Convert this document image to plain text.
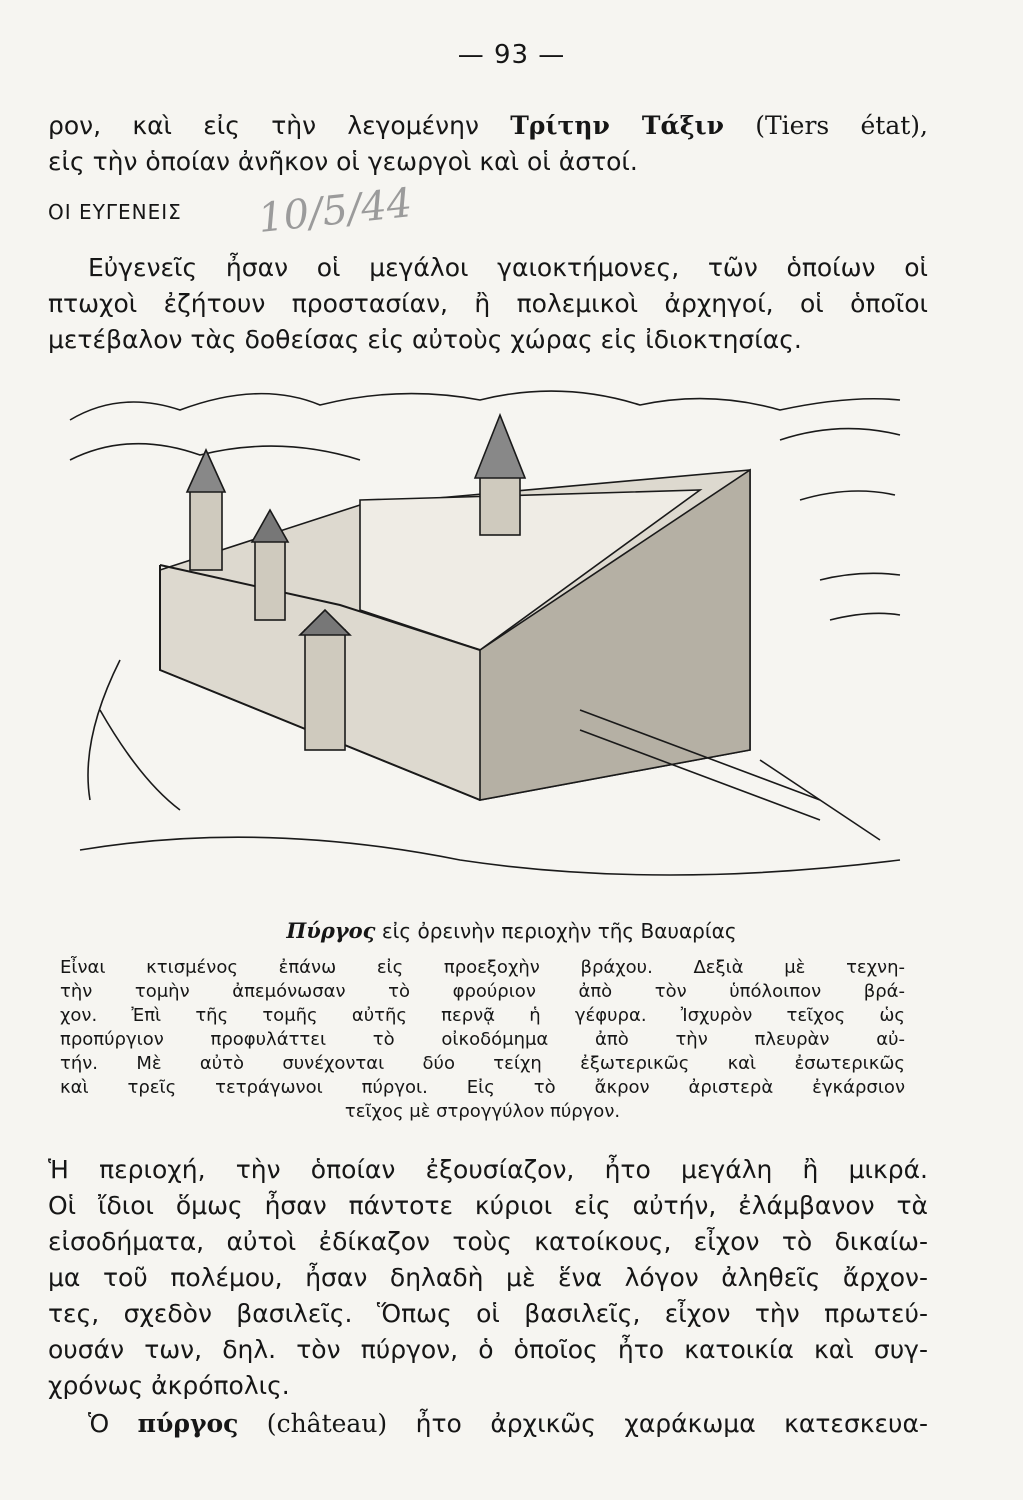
— 93 —

ρον, καὶ εἰς τὴν λεγομένην Τρίτην Τάξιν (Tiers état),
εἰς τὴν ὁποίαν ἀνῆκον οἱ γεωργοὶ καὶ οἱ ἀστοί.

ΟΙ ΕΥΓΕΝΕΙΣ 10/5/44

Εὐγενεῖς ἦσαν οἱ μεγάλοι γαιοκτήμονες, τῶν ὁποίων οἱ
πτωχοὶ ἐζήτουν προστασίαν, ἢ πολεμικοὶ ἀρχηγοί, οἱ ὁποῖοι
μετέβαλον τὰς δοθείσας εἰς αὐτοὺς χώρας εἰς ἰδιοκτησίας.

Πύργος εἰς ὀρεινὴν περιοχὴν τῆς Βαυαρίας
Εἶναι κτισμένος ἐπάνω εἰς προεξοχὴν βράχου. Δεξιὰ μὲ τεχνη-
τὴν τομὴν ἀπεμόνωσαν τὸ φρούριον ἀπὸ τὸν ὑπόλοιπον βρά-
χον. Ἐπὶ τῆς τομῆς αὐτῆς περνᾷ ἡ γέφυρα. Ἰσχυρὸν τεῖχος ὡς
προπύργιον προφυλάττει τὸ οἰκοδόμημα ἀπὸ τὴν πλευρὰν αὐ-
τήν. Μὲ αὐτὸ συνέχονται δύο τείχη ἐξωτερικῶς καὶ ἐσωτερικῶς
καὶ τρεῖς τετράγωνοι πύργοι. Εἰς τὸ ἄκρον ἀριστερὰ ἐγκάρσιον
τεῖχος μὲ στρογγύλον πύργον.

Ἡ περιοχή, τὴν ὁποίαν ἐξουσίαζον, ἦτο μεγάλη ἢ μικρά.
Οἱ ἴδιοι ὅμως ἦσαν πάντοτε κύριοι εἰς αὐτήν, ἐλάμβανον τὰ
εἰσοδήματα, αὐτοὶ ἐδίκαζον τοὺς κατοίκους, εἶχον τὸ δικαίω-
μα τοῦ πολέμου, ἦσαν δηλαδὴ μὲ ἕνα λόγον ἀληθεῖς ἄρχον-
τες, σχεδὸν βασιλεῖς. Ὅπως οἱ βασιλεῖς, εἶχον τὴν πρωτεύ-
ουσάν των, δηλ. τὸν πύργον, ὁ ὁποῖος ἦτο κατοικία καὶ συγ-
χρόνως ἀκρόπολις.

Ὁ πύργος (château) ἦτο ἀρχικῶς χαράκωμα κατεσκευα-
